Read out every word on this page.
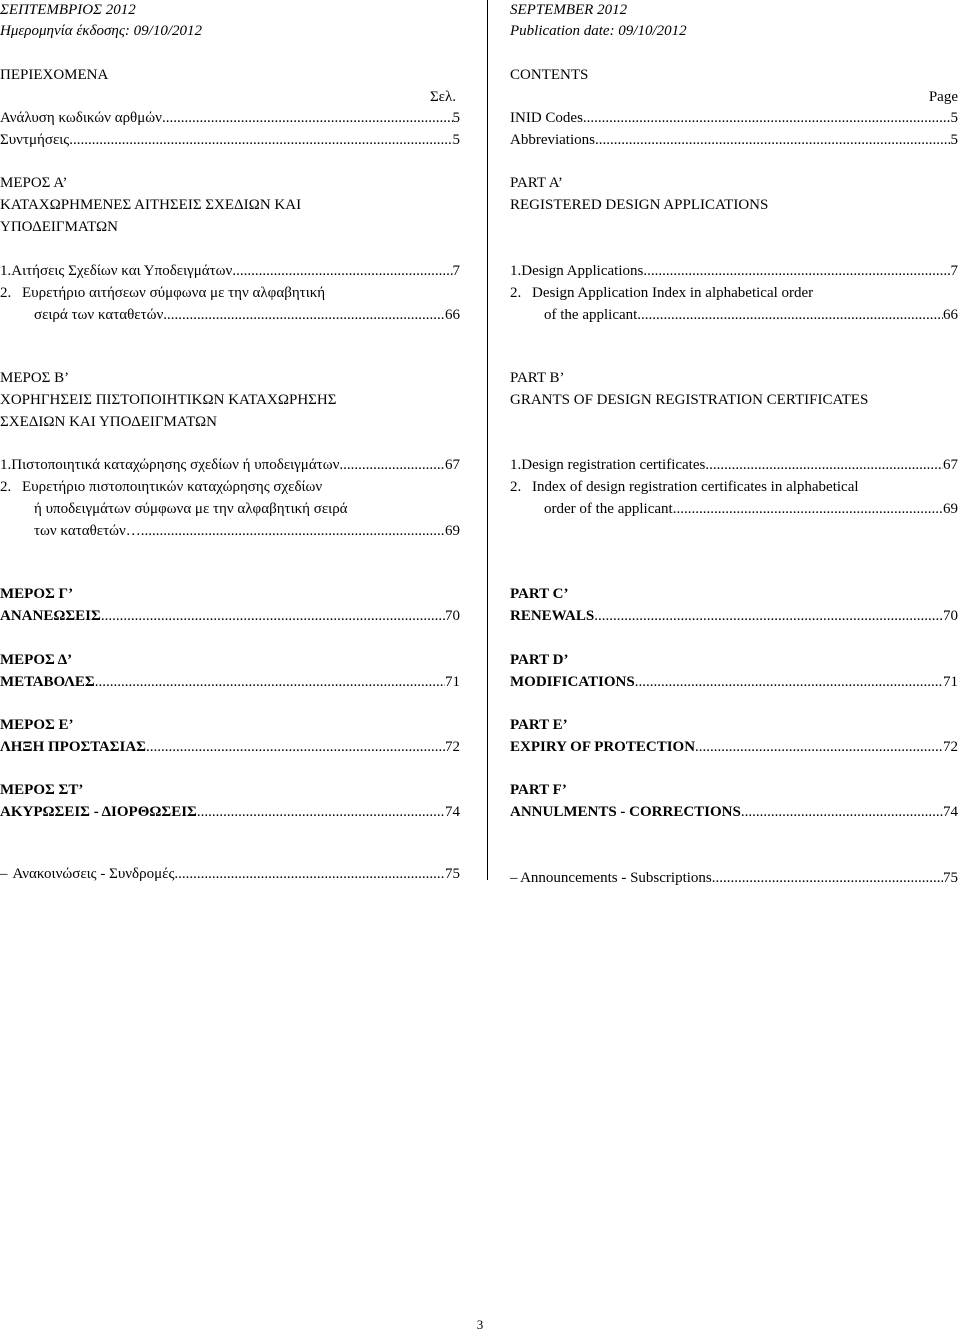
ΣΕΠΤΕΜΒΡΙΟΣ 2012
Ημερομηνία έκδοσης: 09/10/2012
ΠΕΡΙΕΧΟΜΕΝΑ
Σελ.
Ανάλυση κωδικών αρθμών .....	5
Συντμήσεις .....	5
ΜΕΡΟΣ Α’
ΚΑΤΑΧΩΡΗΜΕΝΕΣ ΑΙΤΗΣΕΙΣ ΣΧΕΔΙΩΝ ΚΑΙ
ΥΠΟΔΕΙΓΜΑΤΩΝ
1. Αιτήσεις Σχεδίων και Υποδειγμάτων .....	7
2. Ευρετήριο αιτήσεων σύμφωνα με την αλφαβητική
σειρά των καταθετών .....	66
ΜΕΡΟΣ Β’
ΧΟΡΗΓΗΣΕΙΣ ΠΙΣΤΟΠΟΙΗΤΙΚΩΝ ΚΑΤΑΧΩΡΗΣΗΣ
ΣΧΕΔΙΩΝ ΚΑΙ ΥΠΟΔΕΙΓΜΑΤΩΝ
1. Πιστοποιητικά καταχώρησης σχεδίων ή υποδειγμάτων. .....	67
2. Ευρετήριο πιστοποιητικών καταχώρησης σχεδίων
ή υποδειγμάτων σύμφωνα με την αλφαβητική σειρά
των καταθετών… .....	69
ΜΕΡΟΣ Γ’
ΑΝΑΝΕΩΣΕΙΣ .....	70
ΜΕΡΟΣ Δ’
ΜΕΤΑΒΟΛΕΣ .....	71
ΜΕΡΟΣ Ε’
ΛΗΞΗ ΠΡΟΣΤΑΣΙΑΣ .....	72
ΜΕΡΟΣ ΣΤ’
ΑΚΥΡΩΣΕΙΣ - ΔΙΟΡΘΩΣΕΙΣ .....	74
– Ανακοινώσεις - Συνδρομές .....	75
SEPTEMBER 2012
Publication date: 09/10/2012
CONTENTS
Page
INID Codes .....	5
Abbreviations .....	5
PART A’
REGISTERED DESIGN APPLICATIONS
1. Design Applications .....	7
2. Design Application Index in alphabetical order
of the applicant.. .....	66
PART B’
GRANTS OF DESIGN REGISTRATION CERTIFICATES
1. Design registration certificates .....	67
2. Index of design registration certificates in alphabetical
order of the applicant .....	69
PART C’
RENEWALS .....	70
PART D’
MODIFICATIONS .....	71
PART E’
EXPIRY OF PROTECTION .....	72
PART F’
ANNULMENTS - CORRECTIONS .....	74
– Announcements - Subscriptions .....	75
3
